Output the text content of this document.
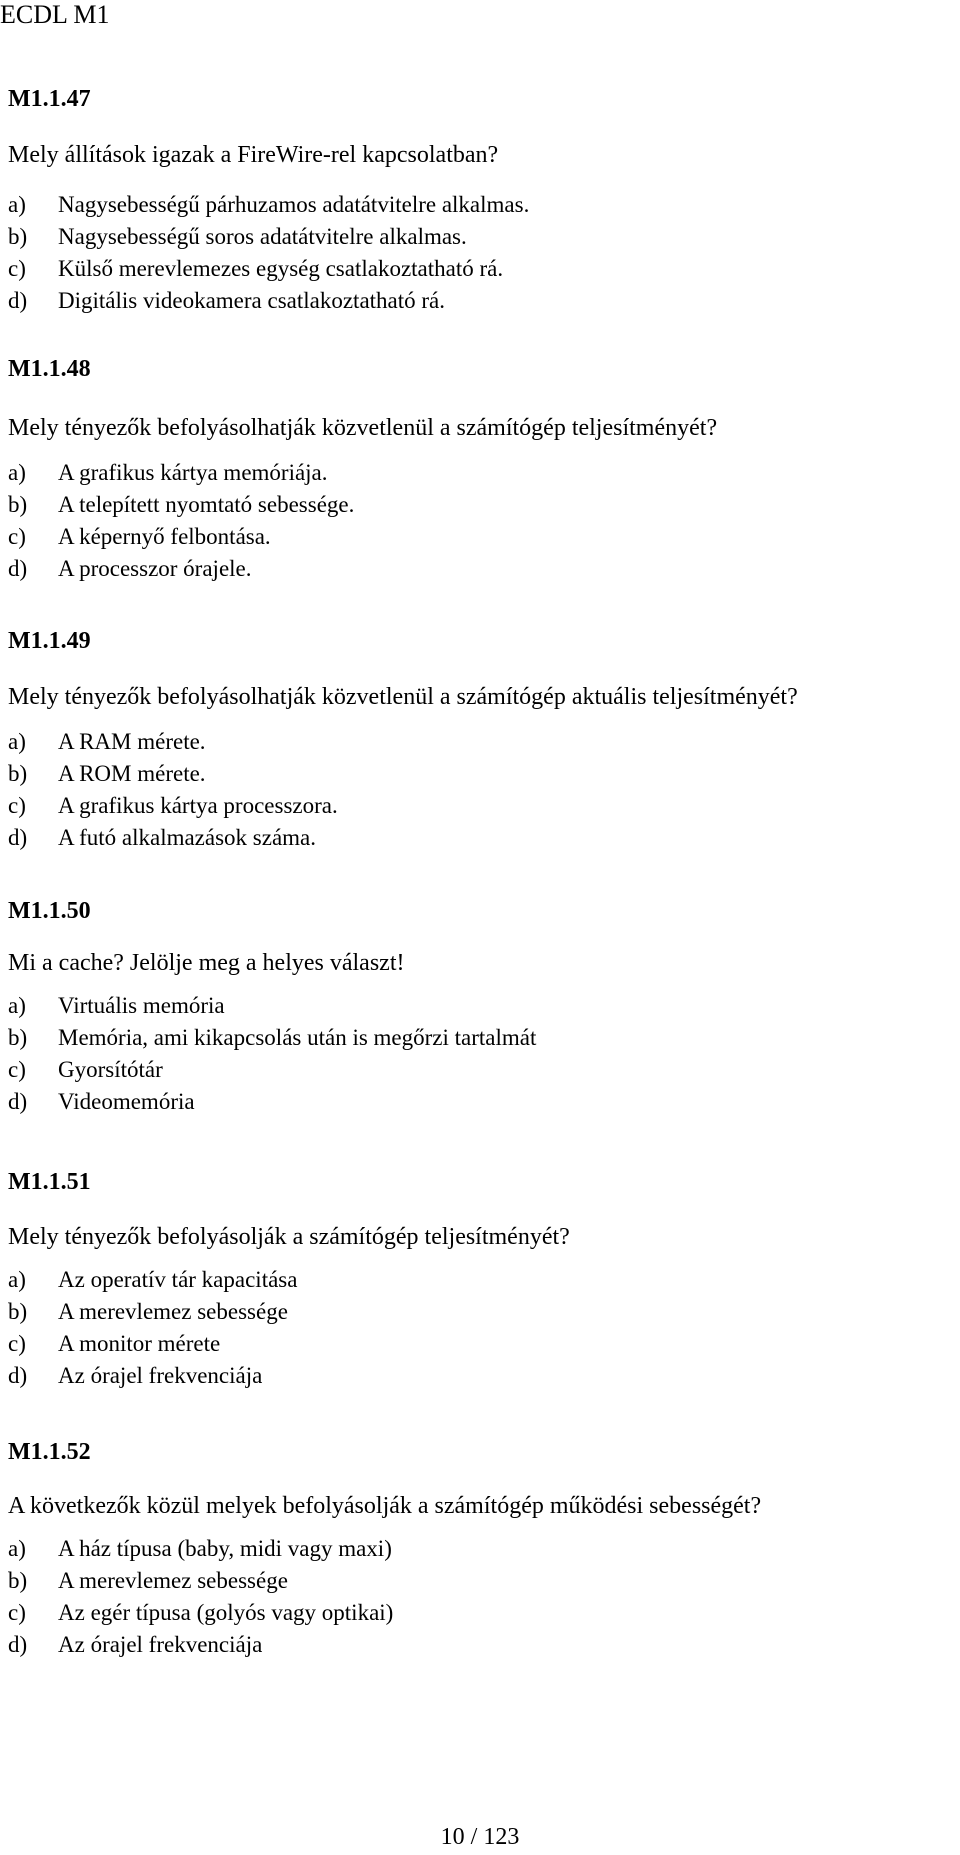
ECDL M1

M1.1.47

Mely állítások igazak a FireWire-rel kapcsolatban?

a) Nagysebességű párhuzamos adatátvitelre alkalmas.
b) Nagysebességű soros adatátvitelre alkalmas.
c) Külső merevlemezes egység csatlakoztatható rá.
d) Digitális videokamera csatlakoztatható rá.

M1.1.48

Mely tényezők befolyásolhatják közvetlenül a számítógép teljesítményét?

a) A grafikus kártya memóriája.
b) A telepített nyomtató sebessége.
c) A képernyő felbontása.
d) A processzor órajele.

M1.1.49

Mely tényezők befolyásolhatják közvetlenül a számítógép aktuális teljesítményét?

a) A RAM mérete.
b) A ROM mérete.
c) A grafikus kártya processzora.
d) A futó alkalmazások száma.

M1.1.50

Mi a cache? Jelölje meg a helyes választ!

a) Virtuális memória
b) Memória, ami kikapcsolás után is megőrzi tartalmát
c) Gyorsítótár
d) Videomemória

M1.1.51

Mely tényezők befolyásolják a számítógép teljesítményét?

a) Az operatív tár kapacitása
b) A merevlemez sebessége
c) A monitor mérete
d) Az órajel frekvenciája

M1.1.52

A következők közül melyek befolyásolják a számítógép működési sebességét?

a) A ház típusa (baby, midi vagy maxi)
b) A merevlemez sebessége
c) Az egér típusa (golyós vagy optikai)
d) Az órajel frekvenciája
10 / 123
